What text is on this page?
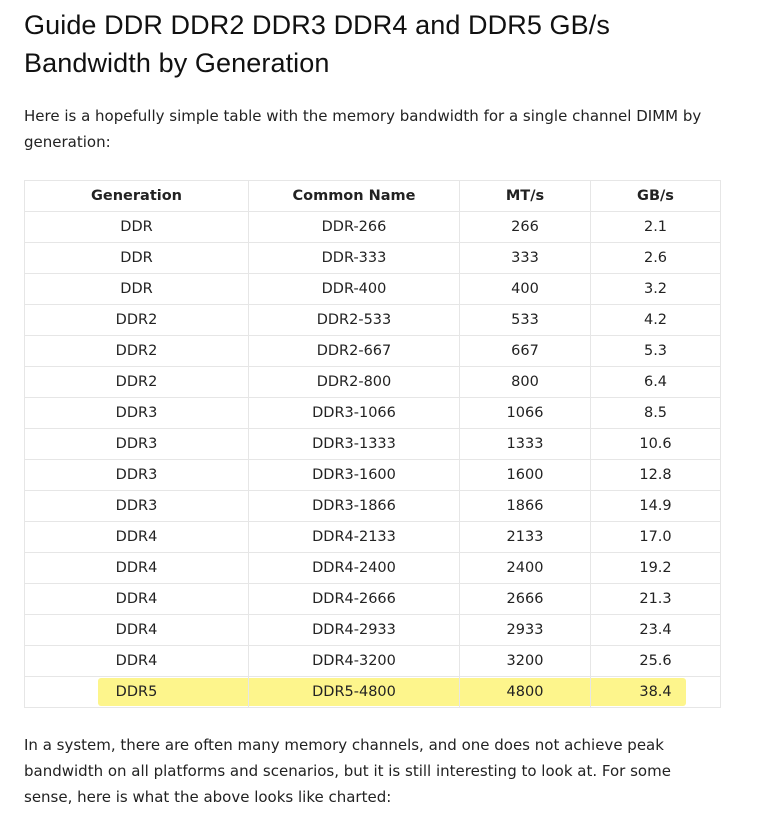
Guide DDR DDR2 DDR3 DDR4 and DDR5 GB/s Bandwidth by Generation

Here is a hopefully simple table with the memory bandwidth for a single channel DIMM by generation:

Generation	Common Name	MT/s	GB/s
DDR	DDR-266	266	2.1
DDR	DDR-333	333	2.6
DDR	DDR-400	400	3.2
DDR2	DDR2-533	533	4.2
DDR2	DDR2-667	667	5.3
DDR2	DDR2-800	800	6.4
DDR3	DDR3-1066	1066	8.5
DDR3	DDR3-1333	1333	10.6
DDR3	DDR3-1600	1600	12.8
DDR3	DDR3-1866	1866	14.9
DDR4	DDR4-2133	2133	17.0
DDR4	DDR4-2400	2400	19.2
DDR4	DDR4-2666	2666	21.3
DDR4	DDR4-2933	2933	23.4
DDR4	DDR4-3200	3200	25.6
DDR5	DDR5-4800	4800	38.4

In a system, there are often many memory channels, and one does not achieve peak bandwidth on all platforms and scenarios, but it is still interesting to look at. For some sense, here is what the above looks like charted:
